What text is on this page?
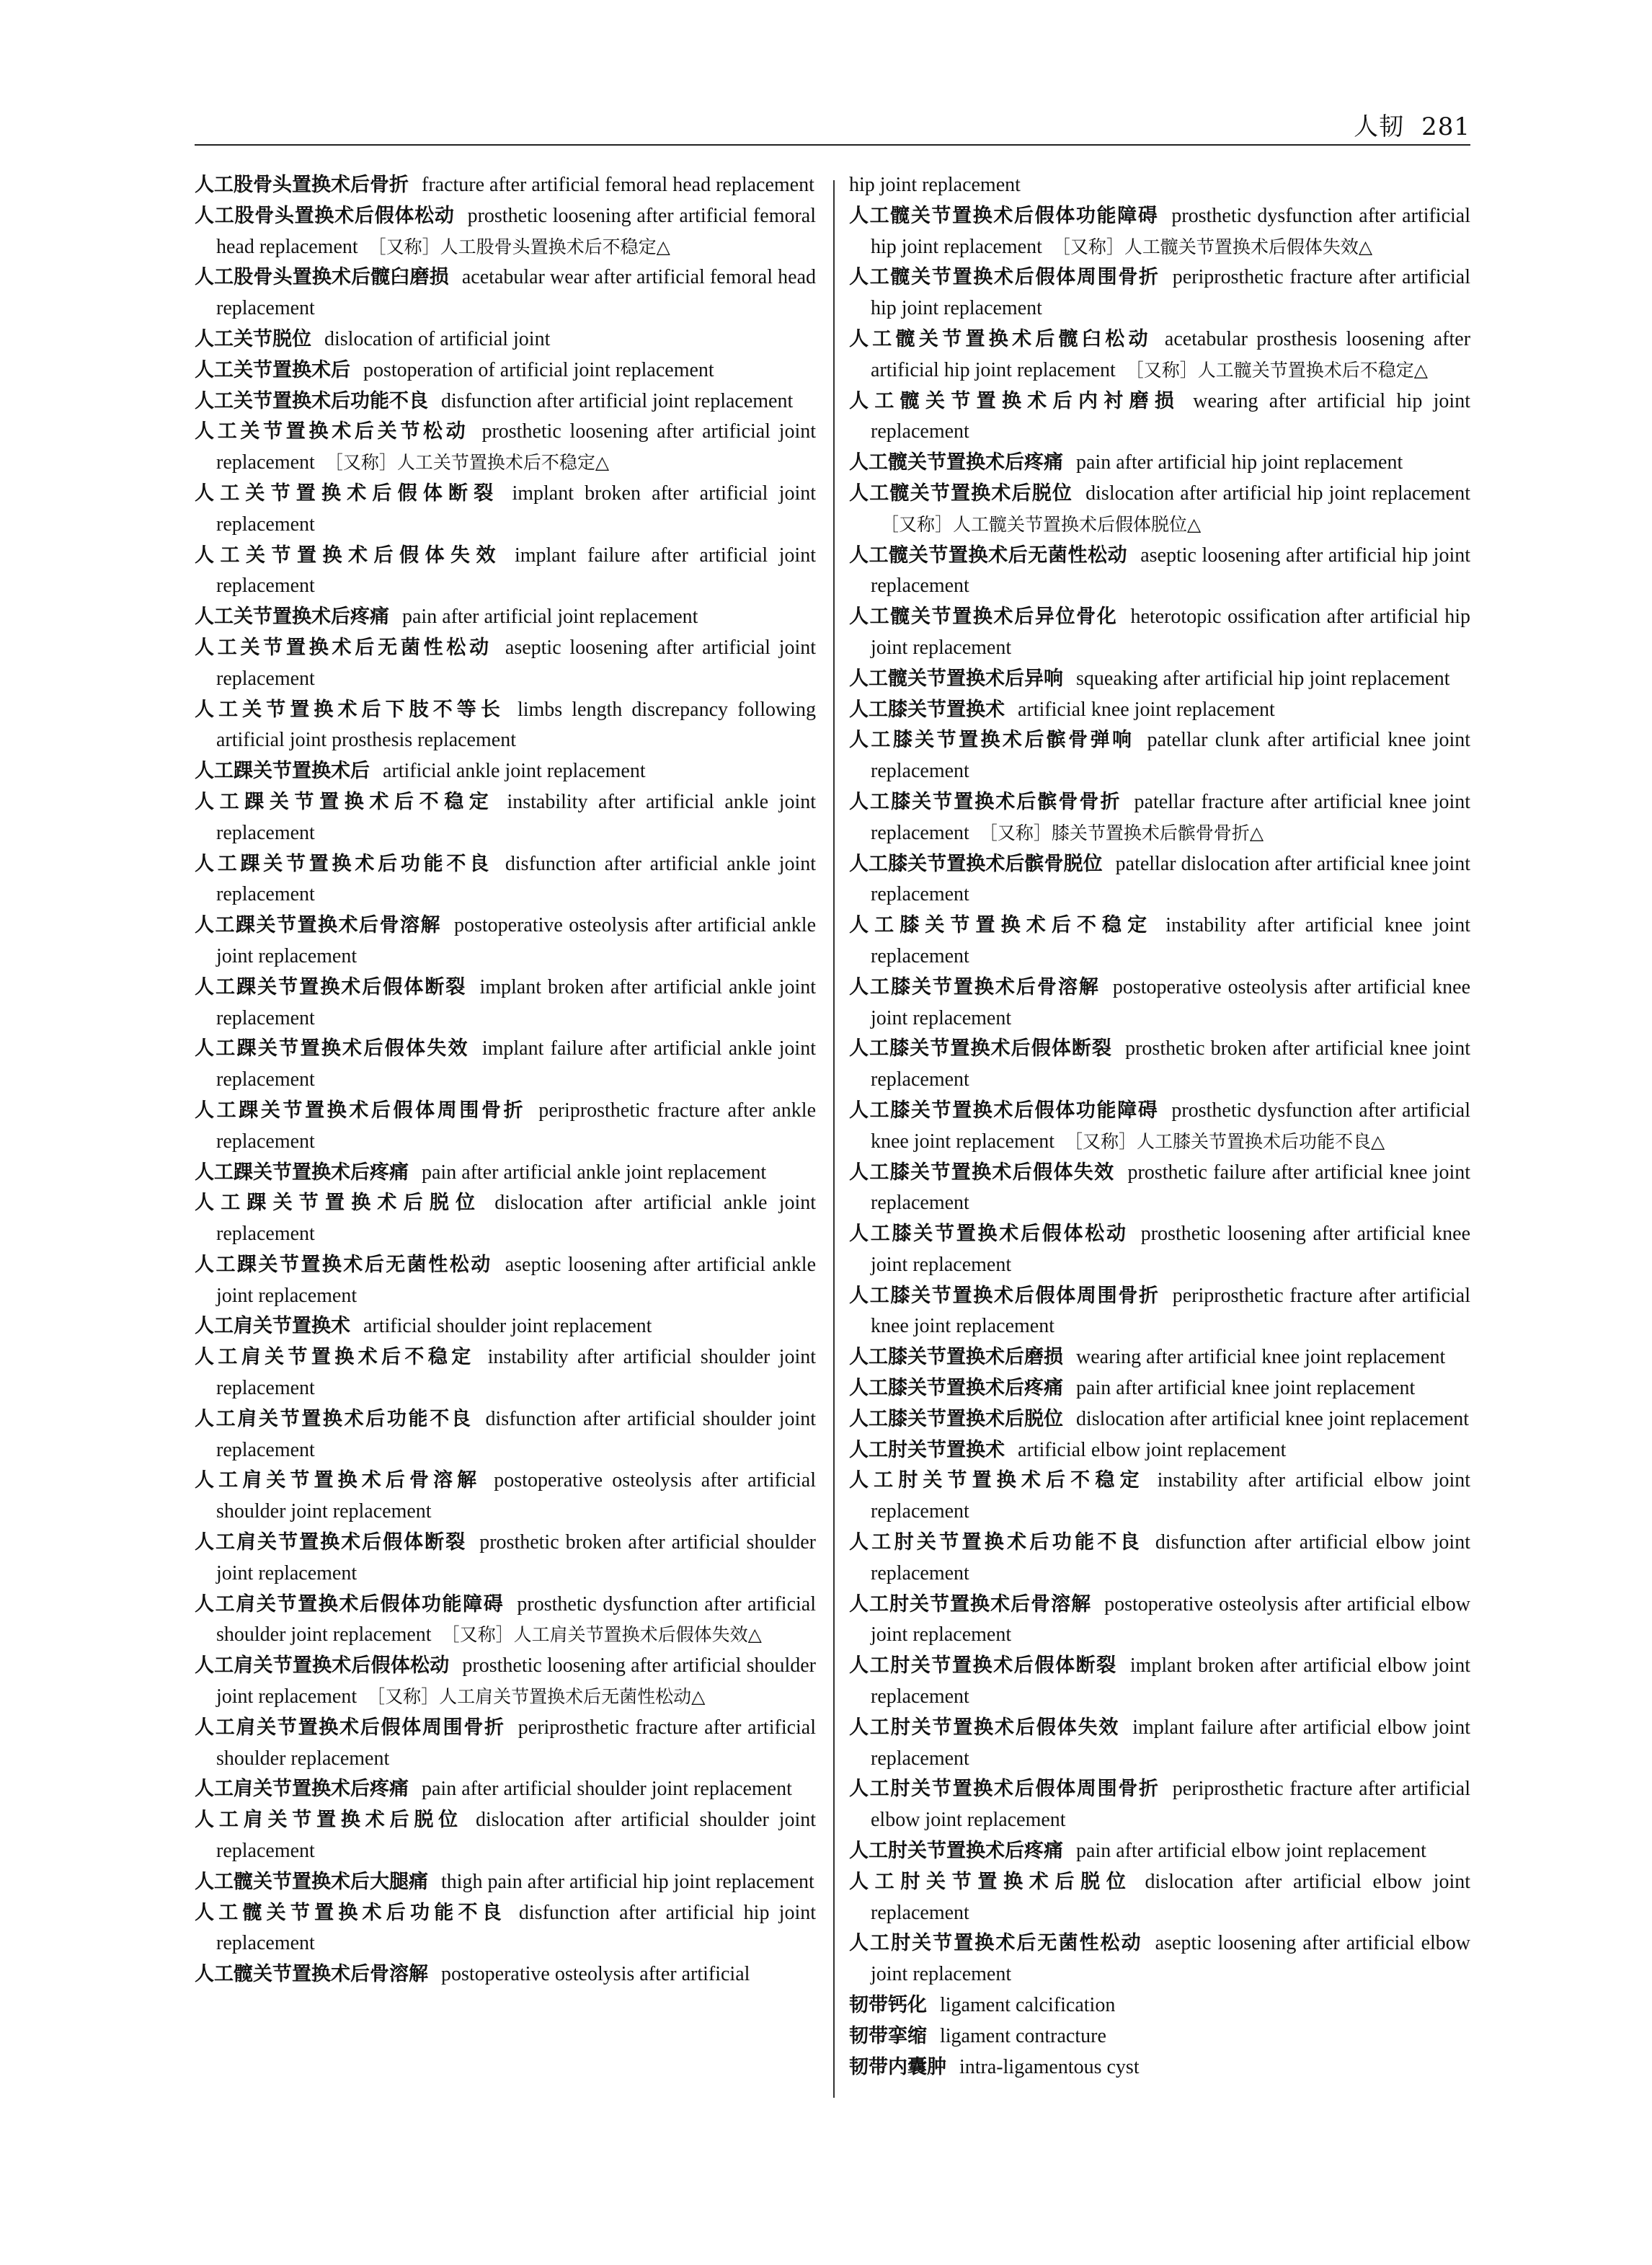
人韧 281

人工股骨头置换术后骨折 fracture after artificial femoral head replacement

人工股骨头置换术后假体松动 prosthetic loosening after artificial femoral head replacement ［又称］人工股骨头置换术后不稳定△

人工股骨头置换术后髋臼磨损 acetabular wear after artificial femoral head replacement

人工关节脱位 dislocation of artificial joint

人工关节置换术后 postoperation of artificial joint replacement

人工关节置换术后功能不良 disfunction after artificial joint replacement

人工关节置换术后关节松动 prosthetic loosening after artificial joint replacement ［又称］人工关节置换术后不稳定△

人工关节置换术后假体断裂 implant broken after artificial joint replacement

人工关节置换术后假体失效 implant failure after artificial joint replacement

人工关节置换术后疼痛 pain after artificial joint replacement

人工关节置换术后无菌性松动 aseptic loosening after artificial joint replacement

人工关节置换术后下肢不等长 limbs length discrepancy following artificial joint prosthesis replacement

人工踝关节置换术后 artificial ankle joint replacement

人工踝关节置换术后不稳定 instability after artificial ankle joint replacement

人工踝关节置换术后功能不良 disfunction after artificial ankle joint replacement

人工踝关节置换术后骨溶解 postoperative osteolysis after artificial ankle joint replacement

人工踝关节置换术后假体断裂 implant broken after artificial ankle joint replacement

人工踝关节置换术后假体失效 implant failure after artificial ankle joint replacement

人工踝关节置换术后假体周围骨折 periprosthetic fracture after ankle replacement

人工踝关节置换术后疼痛 pain after artificial ankle joint replacement

人工踝关节置换术后脱位 dislocation after artificial ankle joint replacement

人工踝关节置换术后无菌性松动 aseptic loosening after artificial ankle joint replacement

人工肩关节置换术 artificial shoulder joint replacement

人工肩关节置换术后不稳定 instability after artificial shoulder joint replacement

人工肩关节置换术后功能不良 disfunction after artificial shoulder joint replacement

人工肩关节置换术后骨溶解 postoperative osteolysis after artificial shoulder joint replacement

人工肩关节置换术后假体断裂 prosthetic broken after artificial shoulder joint replacement

人工肩关节置换术后假体功能障碍 prosthetic dysfunction after artificial shoulder joint replacement ［又称］人工肩关节置换术后假体失效△

人工肩关节置换术后假体松动 prosthetic loosening after artificial shoulder joint replacement ［又称］人工肩关节置换术后无菌性松动△

人工肩关节置换术后假体周围骨折 periprosthetic fracture after artificial shoulder replacement

人工肩关节置换术后疼痛 pain after artificial shoulder joint replacement

人工肩关节置换术后脱位 dislocation after artificial shoulder joint replacement

人工髋关节置换术后大腿痛 thigh pain after artificial hip joint replacement

人工髋关节置换术后功能不良 disfunction after artificial hip joint replacement

人工髋关节置换术后骨溶解 postoperative osteolysis after artificial

hip joint replacement

人工髋关节置换术后假体功能障碍 prosthetic dysfunction after artificial hip joint replacement ［又称］人工髋关节置换术后假体失效△

人工髋关节置换术后假体周围骨折 periprosthetic fracture after artificial hip joint replacement

人工髋关节置换术后髋臼松动 acetabular prosthesis loosening after artificial hip joint replacement ［又称］人工髋关节置换术后不稳定△

人工髋关节置换术后内衬磨损 wearing after artificial hip joint replacement

人工髋关节置换术后疼痛 pain after artificial hip joint replacement

人工髋关节置换术后脱位 dislocation after artificial hip joint replacement［又称］人工髋关节置换术后假体脱位△

人工髋关节置换术后无菌性松动 aseptic loosening after artificial hip joint replacement

人工髋关节置换术后异位骨化 heterotopic ossification after artificial hip joint replacement

人工髋关节置换术后异响 squeaking after artificial hip joint replacement

人工膝关节置换术 artificial knee joint replacement

人工膝关节置换术后髌骨弹响 patellar clunk after artificial knee joint replacement

人工膝关节置换术后髌骨骨折 patellar fracture after artificial knee joint replacement ［又称］膝关节置换术后髌骨骨折△

人工膝关节置换术后髌骨脱位 patellar dislocation after artificial knee joint replacement

人工膝关节置换术后不稳定 instability after artificial knee joint replacement

人工膝关节置换术后骨溶解 postoperative osteolysis after artificial knee joint replacement

人工膝关节置换术后假体断裂 prosthetic broken after artificial knee joint replacement

人工膝关节置换术后假体功能障碍 prosthetic dysfunction after artificial knee joint replacement ［又称］人工膝关节置换术后功能不良△

人工膝关节置换术后假体失效 prosthetic failure after artificial knee joint replacement

人工膝关节置换术后假体松动 prosthetic loosening after artificial knee joint replacement

人工膝关节置换术后假体周围骨折 periprosthetic fracture after artificial knee joint replacement

人工膝关节置换术后磨损 wearing after artificial knee joint replacement

人工膝关节置换术后疼痛 pain after artificial knee joint replacement

人工膝关节置换术后脱位 dislocation after artificial knee joint replacement

人工肘关节置换术 artificial elbow joint replacement

人工肘关节置换术后不稳定 instability after artificial elbow joint replacement

人工肘关节置换术后功能不良 disfunction after artificial elbow joint replacement

人工肘关节置换术后骨溶解 postoperative osteolysis after artificial elbow joint replacement

人工肘关节置换术后假体断裂 implant broken after artificial elbow joint replacement

人工肘关节置换术后假体失效 implant failure after artificial elbow joint replacement

人工肘关节置换术后假体周围骨折 periprosthetic fracture after artificial elbow joint replacement

人工肘关节置换术后疼痛 pain after artificial elbow joint replacement

人工肘关节置换术后脱位 dislocation after artificial elbow joint replacement

人工肘关节置换术后无菌性松动 aseptic loosening after artificial elbow joint replacement

韧带钙化 ligament calcification

韧带挛缩 ligament contracture

韧带内囊肿 intra-ligamentous cyst
